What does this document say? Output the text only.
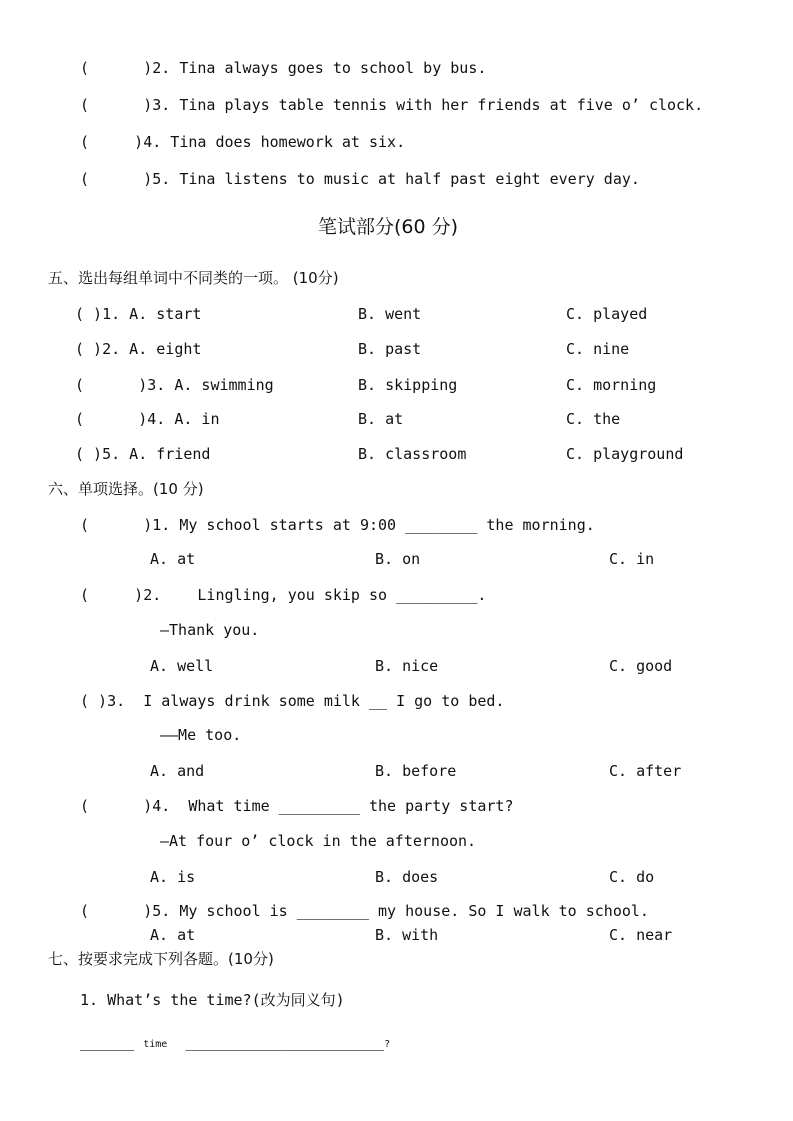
(      )2. Tina always goes to school by bus.
(      )3. Tina plays table tennis with her friends at five o’ clock.
(     )4. Tina does homework at six.
(      )5. Tina listens to music at half past eight every day.
笔试部分(60 分)
五、选出每组单词中不同类的一项。 (10分)
( )1. A. start	B. went	C. played
( )2. A. eight	B. past	C. nine
(      )3. A. swimming	B. skipping	C. morning
(      )4. A. in	B. at	C. the
( )5. A. friend	B. classroom	C. playground
六、单项选择。(10 分)
(      )1. My school starts at 9:00 ________ the morning.
A. at	B. on	C. in
(     )2.    Lingling, you skip so _________.
—Thank you.
A. well	B. nice	C. good
( )3.  I always drink some milk __ I go to bed.
——Me too.
A. and	B. before	C. after
(      )4.  What time _________ the party start?
—At four o’ clock in the afternoon.
A. is	B. does	C. do
(      )5. My school is ________ my house. So I walk to school.
A. at	B. with	C. near
七、按要求完成下列各题。(10分)
1. What’s the time?(改为同义句)
______ time ______________________?
